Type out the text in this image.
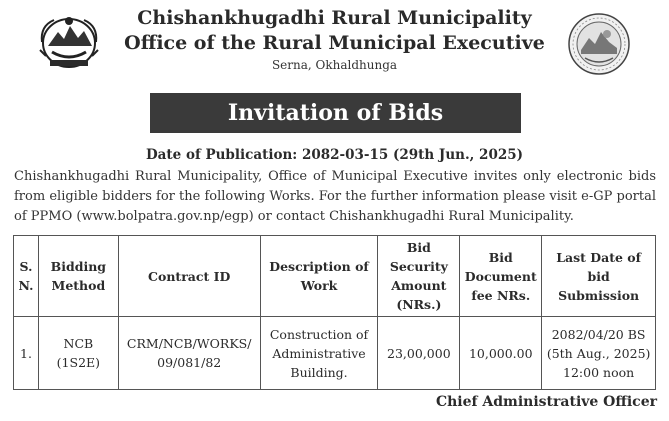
Chishankhugadhi Rural Municipality
Office of the Rural Municipal Executive
Serna, Okhaldhunga
Invitation of Bids
Date of Publication: 2082-03-15 (29th Jun., 2025)
Chishankhugadhi Rural Municipality, Office of Municipal Executive invites only electronic bids from eligible bidders for the following Works. For the further information please visit e-GP portal of PPMO (www.bolpatra.gov.np/egp) or contact Chishankhugadhi Rural Municipality.
S. N.	Bidding Method	Contract ID	Description of Work	Bid Security Amount (NRs.)	Bid Document fee NRs.	Last Date of bid Submission
1.	NCB (1S2E)	CRM/NCB/WORKS/ 09/081/82	Construction of Administrative Building.	23,00,000	10,000.00	2082/04/20 BS (5th Aug., 2025) 12:00 noon
Chief Administrative Officer
